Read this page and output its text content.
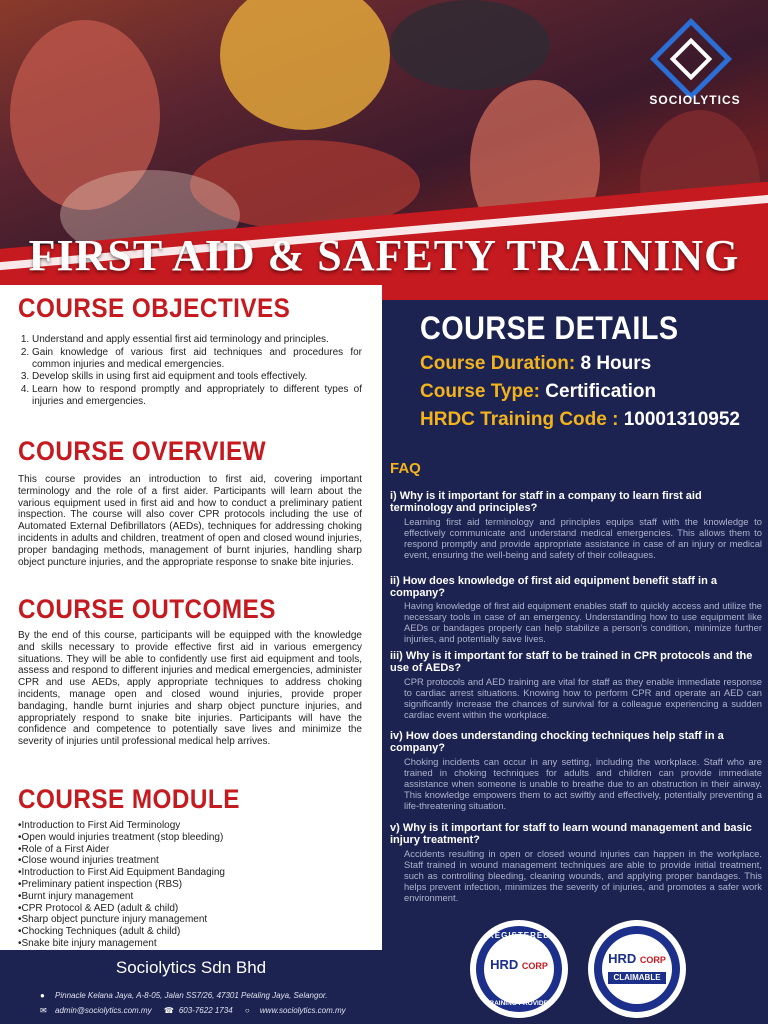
SOCIOLYTICS
FIRST AID & SAFETY TRAINING
COURSE OBJECTIVES
1. Understand and apply essential first aid terminology and principles.
2. Gain knowledge of various first aid techniques and procedures for common injuries and medical emergencies.
3. Develop skills in using first aid equipment and tools effectively.
4. Learn how to respond promptly and appropriately to different types of injuries and emergencies.
COURSE OVERVIEW

This course provides an introduction to first aid, covering important terminology and the role of a first aider. Participants will learn about the various equipment used in first aid and how to conduct a preliminary patient inspection. The course will also cover CPR protocols including the use of Automated External Defibrillators (AEDs), techniques for addressing choking incidents in adults and children, treatment of open and closed wound injuries, proper bandaging methods, management of burnt injuries, handling sharp object puncture injuries, and the appropriate response to snake bite injuries.

COURSE OUTCOMES

By the end of this course, participants will be equipped with the knowledge and skills necessary to provide effective first aid in various emergency situations. They will be able to confidently use first aid equipment and tools, assess and respond to different injuries and medical emergencies, administer CPR and use AEDs, apply appropriate techniques to address choking incidents, manage open and closed wound injuries, provide proper bandaging, handle burnt injuries and sharp object puncture injuries, and appropriately respond to snake bite injuries. Participants will have the confidence and competence to potentially save lives and minimize the severity of injuries until professional medical help arrives.

COURSE MODULE
• Introduction to First Aid Terminology
• Open would injuries treatment (stop bleeding)
• Role of a First Aider
• Close wound injuries treatment
• Introduction to First Aid Equipment Bandaging
• Preliminary patient inspection (RBS)
• Burnt injury management
• CPR Protocol & AED (adult & child)
• Sharp object puncture injury management
• Chocking Techniques (adult & child)
• Snake bite injury management
COURSE DETAILS
Course Duration: 8 Hours
Course Type: Certification
HRDC Training Code : 10001310952
FAQ

i) Why is it important for staff in a company to learn first aid terminology and principles?

Learning first aid terminology and principles equips staff with the knowledge to effectively communicate and understand medical emergencies. This allows them to respond promptly and provide appropriate assistance in case of an injury or medical event, ensuring the well-being and safety of their colleagues.

ii) How does knowledge of first aid equipment benefit staff in a company?

Having knowledge of first aid equipment enables staff to quickly access and utilize the necessary tools in case of an emergency. Understanding how to use equipment like AEDs or bandages properly can help stabilize a person's condition, minimize further injuries, and potentially save lives.

iii) Why is it important for staff to be trained in CPR protocols and the use of AEDs?

CPR protocols and AED training are vital for staff as they enable immediate response to cardiac arrest situations. Knowing how to perform CPR and operate an AED can significantly increase the chances of survival for a colleague experiencing a sudden cardiac event within the workplace.

iv) How does understanding chocking techniques help staff in a company?

Choking incidents can occur in any setting, including the workplace. Staff who are trained in choking techniques for adults and children can provide immediate assistance when someone is unable to breathe due to an obstruction in their airway. This knowledge empowers them to act swiftly and effectively, potentially preventing a life-threatening situation.

v) Why is it important for staff to learn wound management and basic injury treatment?

Accidents resulting in open or closed wound injuries can happen in the workplace. Staff trained in wound management techniques are able to provide initial treatment, such as controlling bleeding, cleaning wounds, and applying proper bandages. This helps prevent infection, minimizes the severity of injuries, and promotes a safer work environment.

Sociolytics Sdn Bhd

● Pinnacle Kelana Jaya, A-8-05, Jalan SS7/26, 47301 Petaling Jaya, Selangor.
✉ admin@sociolytics.com.my ☎ 603-7622 1734 ○ www.sociolytics.com.my
REGISTERED
HRD CORP
TRAINING PROVIDER
HRD CORP
CLAIMABLE
